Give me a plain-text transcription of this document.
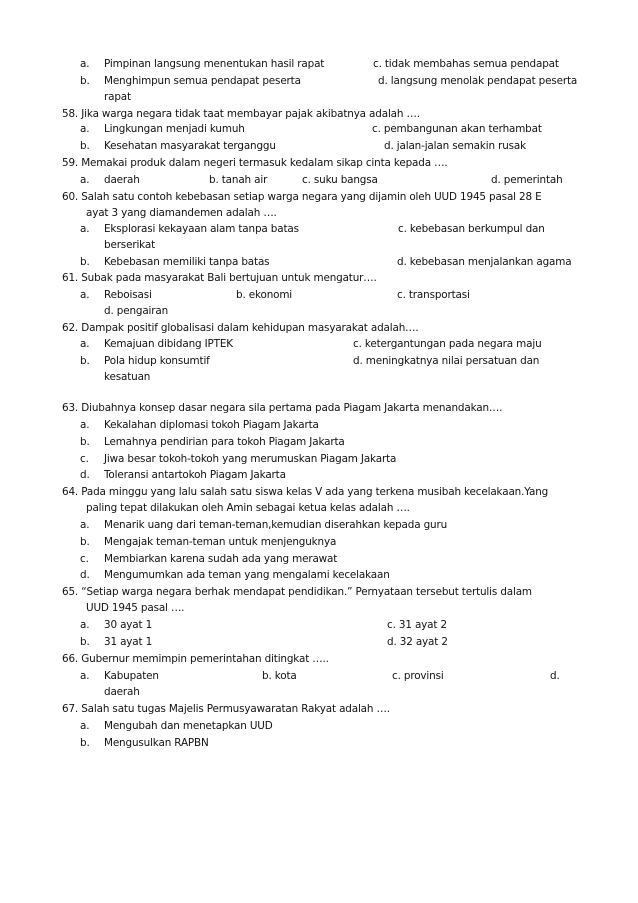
a. Pimpinan langsung menentukan hasil rapat	c. tidak membahas semua pendapat
b. Menghimpun semua pendapat peserta	d. langsung menolak pendapat peserta
rapat
58. Jika warga negara tidak taat membayar pajak akibatnya adalah ….
a. Lingkungan menjadi kumuh	c. pembangunan akan terhambat
b. Kesehatan masyarakat terganggu	d. jalan-jalan semakin rusak
59. Memakai produk dalam negeri termasuk kedalam sikap cinta kepada ….
a. daerah	b. tanah air	c. suku bangsa	d. pemerintah
60. Salah satu contoh kebebasan setiap warga negara yang dijamin oleh UUD 1945 pasal 28 E
ayat 3 yang diamandemen adalah ….
a. Eksplorasi kekayaan alam tanpa batas	c. kebebasan berkumpul dan
berserikat
b. Kebebasan memiliki tanpa batas	d. kebebasan menjalankan agama
61. Subak pada masyarakat Bali bertujuan untuk mengatur….
a. Reboisasi	b. ekonomi	c. transportasi
d. pengairan
62. Dampak positif globalisasi dalam kehidupan masyarakat adalah….
a. Kemajuan dibidang IPTEK	c. ketergantungan pada negara maju
b. Pola hidup konsumtif	d. meningkatnya nilai persatuan dan
kesatuan
63. Diubahnya konsep dasar negara sila pertama pada Piagam Jakarta menandakan….
a. Kekalahan diplomasi tokoh Piagam Jakarta
b. Lemahnya pendirian para tokoh Piagam Jakarta
c. Jiwa besar tokoh-tokoh yang merumuskan Piagam Jakarta
d. Toleransi antartokoh Piagam Jakarta
64. Pada minggu yang lalu salah satu siswa kelas V ada yang terkena musibah kecelakaan.Yang
paling tepat dilakukan oleh Amin sebagai ketua kelas adalah ….
a. Menarik uang dari teman-teman,kemudian diserahkan kepada guru
b. Mengajak teman-teman untuk menjenguknya
c. Membiarkan karena sudah ada yang merawat
d. Mengumumkan ada teman yang mengalami kecelakaan
65. “Setiap warga negara berhak mendapat pendidikan.” Pernyataan tersebut tertulis dalam
UUD 1945 pasal ….
a. 30 ayat 1	c. 31 ayat 2
b. 31 ayat 1	d. 32 ayat 2
66. Gubernur memimpin pemerintahan ditingkat …..
a. Kabupaten	b. kota	c. provinsi	d.
daerah
67. Salah satu tugas Majelis Permusyawaratan Rakyat adalah ….
a. Mengubah dan menetapkan UUD
b. Mengusulkan RAPBN
